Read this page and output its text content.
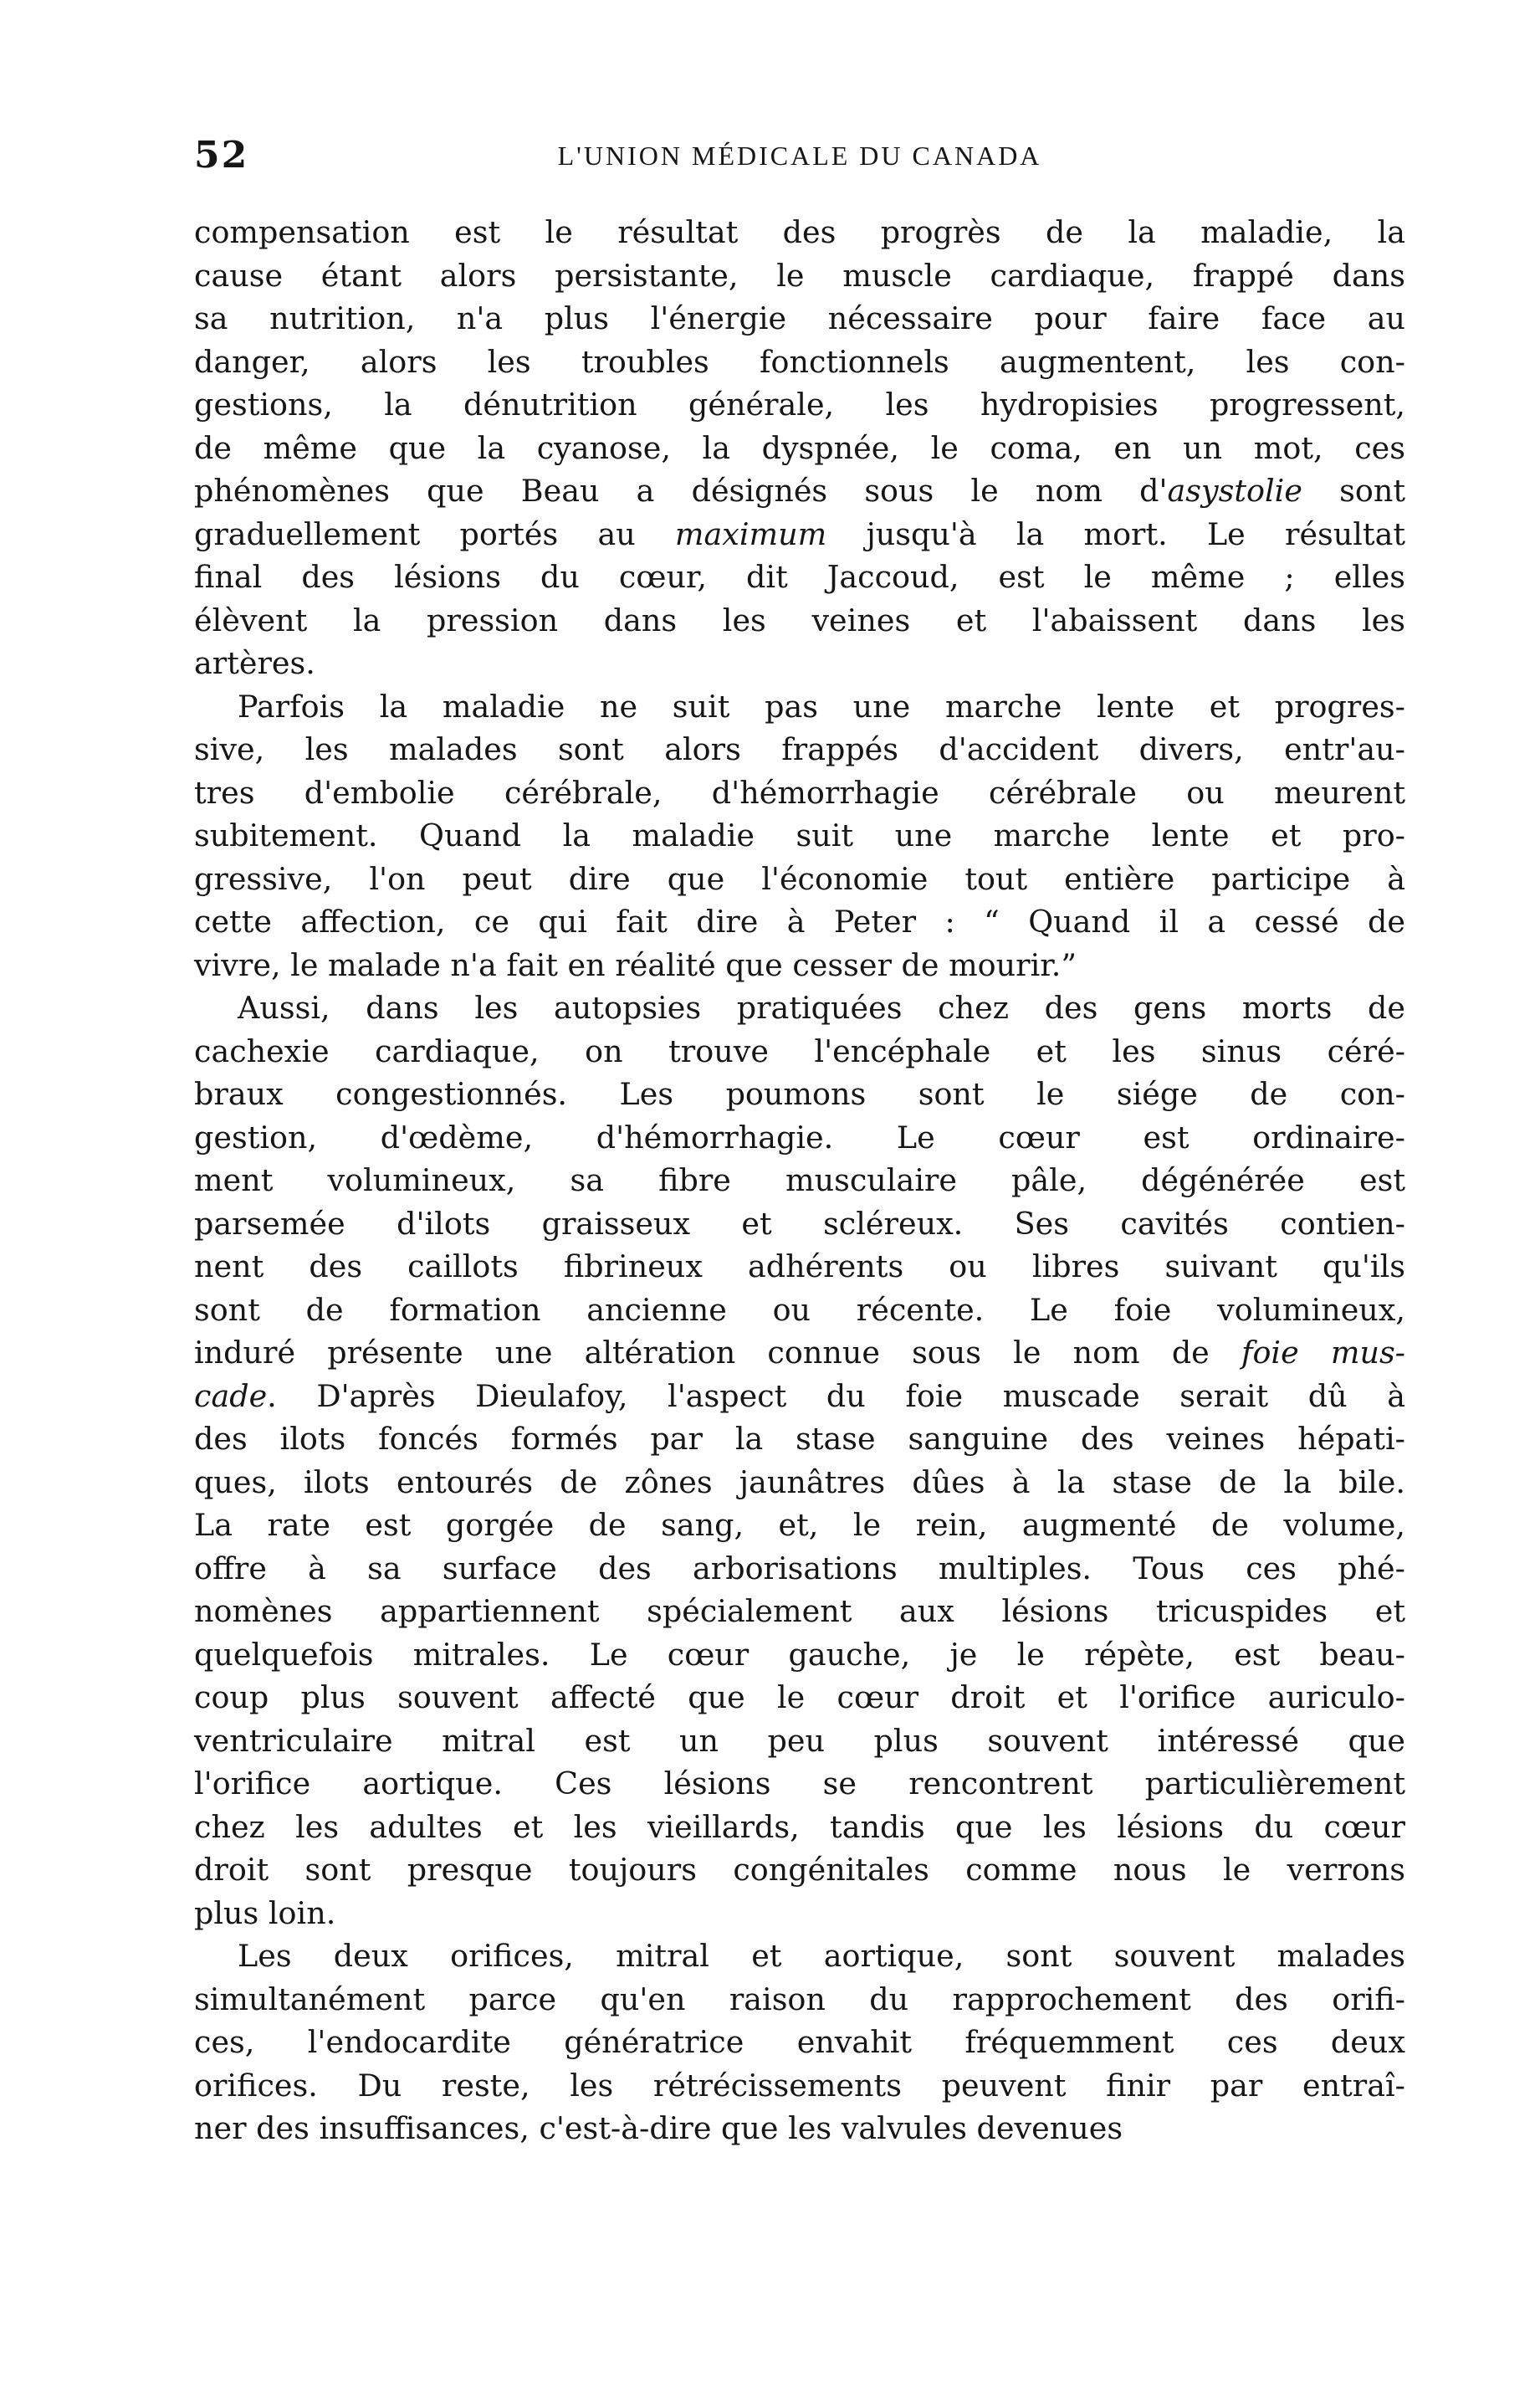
52	L'UNION MÉDICALE DU CANADA

compensation est le résultat des progrès de la maladie, la
cause étant alors persistante, le muscle cardiaque, frappé dans
sa nutrition, n'a plus l'énergie nécessaire pour faire face au
danger, alors les troubles fonctionnels augmentent, les con-
gestions, la dénutrition générale, les hydropisies progressent,
de même que la cyanose, la dyspnée, le coma, en un mot, ces
phénomènes que Beau a désignés sous le nom d'asystolie sont
graduellement portés au maximum jusqu'à la mort. Le résultat
final des lésions du cœur, dit Jaccoud, est le même ; elles
élèvent la pression dans les veines et l'abaissent dans les
artères.

Parfois la maladie ne suit pas une marche lente et progres-
sive, les malades sont alors frappés d'accident divers, entr'au-
tres d'embolie cérébrale, d'hémorrhagie cérébrale ou meurent
subitement. Quand la maladie suit une marche lente et pro-
gressive, l'on peut dire que l'économie tout entière participe à
cette affection, ce qui fait dire à Peter : “ Quand il a cessé de
vivre, le malade n'a fait en réalité que cesser de mourir.”

Aussi, dans les autopsies pratiquées chez des gens morts de
cachexie cardiaque, on trouve l'encéphale et les sinus céré-
braux congestionnés. Les poumons sont le siége de con-
gestion, d'œdème, d'hémorrhagie. Le cœur est ordinaire-
ment volumineux, sa fibre musculaire pâle, dégénérée est
parsemée d'ilots graisseux et scléreux. Ses cavités contien-
nent des caillots fibrineux adhérents ou libres suivant qu'ils
sont de formation ancienne ou récente. Le foie volumineux,
induré présente une altération connue sous le nom de foie mus-
cade. D'après Dieulafoy, l'aspect du foie muscade serait dû à
des ilots foncés formés par la stase sanguine des veines hépati-
ques, ilots entourés de zônes jaunâtres dûes à la stase de la bile.
La rate est gorgée de sang, et, le rein, augmenté de volume,
offre à sa surface des arborisations multiples. Tous ces phé-
nomènes appartiennent spécialement aux lésions tricuspides et
quelquefois mitrales. Le cœur gauche, je le répète, est beau-
coup plus souvent affecté que le cœur droit et l'orifice auriculo-
ventriculaire mitral est un peu plus souvent intéressé que
l'orifice aortique. Ces lésions se rencontrent particulièrement
chez les adultes et les vieillards, tandis que les lésions du cœur
droit sont presque toujours congénitales comme nous le verrons
plus loin.

Les deux orifices, mitral et aortique, sont souvent malades
simultanément parce qu'en raison du rapprochement des orifi-
ces, l'endocardite génératrice envahit fréquemment ces deux
orifices. Du reste, les rétrécissements peuvent finir par entraî-
ner des insuffisances, c'est-à-dire que les valvules devenues
